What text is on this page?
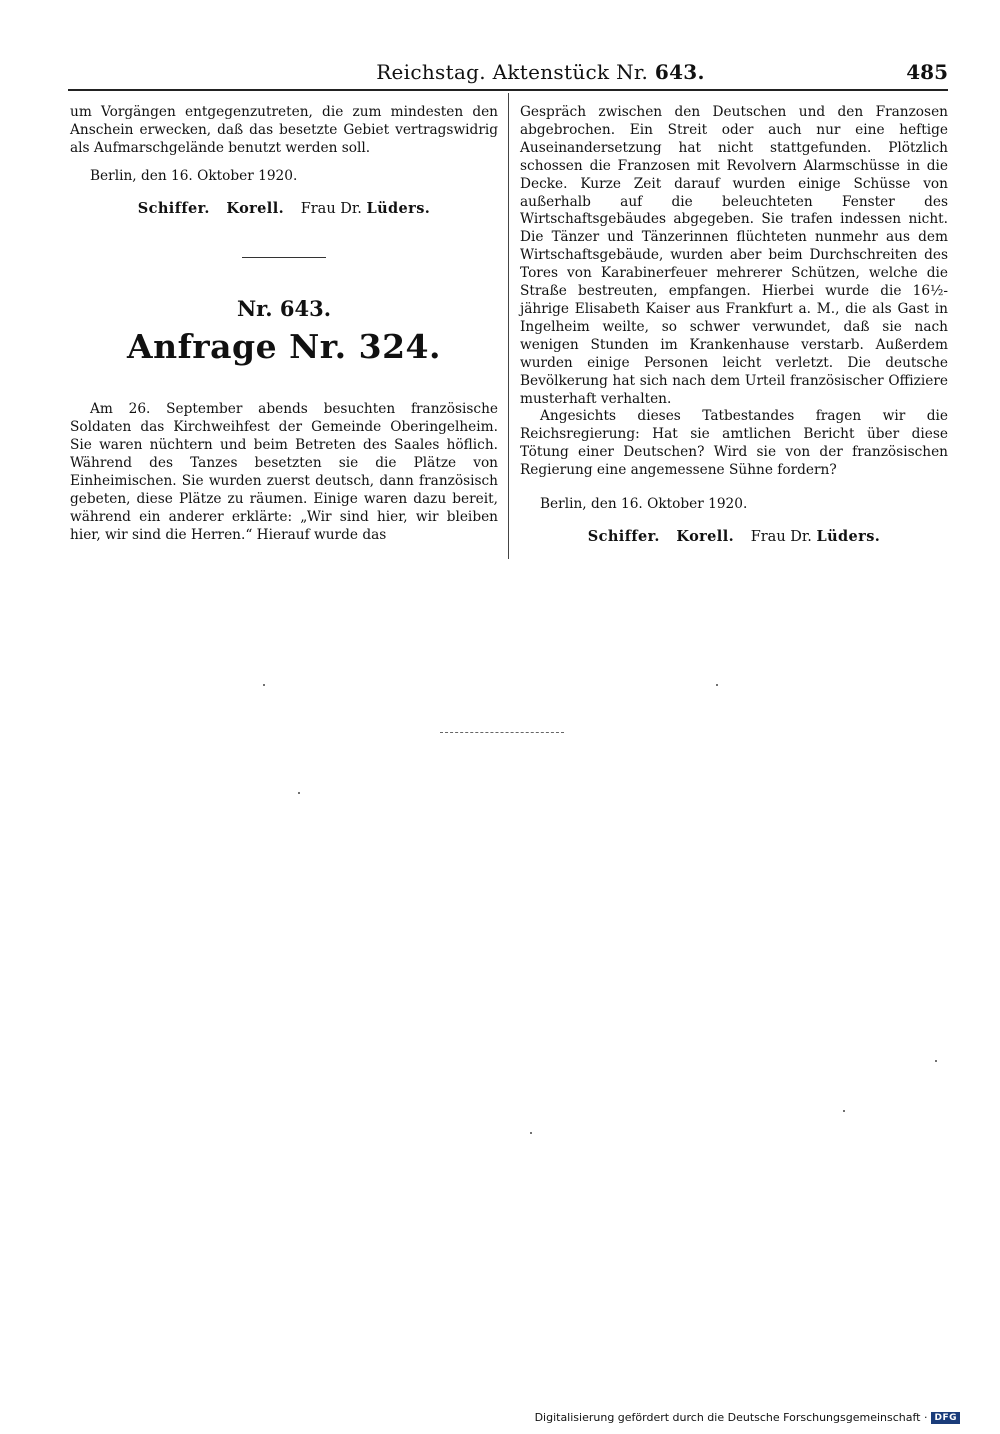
Reichstag. Aktenstück Nr. 643.	485

um Vorgängen entgegenzutreten, die zum mindesten den Anschein erwecken, daß das besetzte Gebiet vertragswidrig als Aufmarschgelände benutzt werden soll.

Berlin, den 16. Oktober 1920.

Schiffer. Korell. Frau Dr. Lüders.
Nr. 643.
Anfrage Nr. 324.

Am 26. September abends besuchten französische Soldaten das Kirchweihfest der Gemeinde Oberingelheim. Sie waren nüchtern und beim Betreten des Saales höflich. Während des Tanzes besetzten sie die Plätze von Einheimischen. Sie wurden zuerst deutsch, dann französisch gebeten, diese Plätze zu räumen. Einige waren dazu bereit, während ein anderer erklärte: „Wir sind hier, wir bleiben hier, wir sind die Herren.“ Hierauf wurde das

Gespräch zwischen den Deutschen und den Franzosen abgebrochen. Ein Streit oder auch nur eine heftige Auseinandersetzung hat nicht stattgefunden. Plötzlich schossen die Franzosen mit Revolvern Alarmschüsse in die Decke. Kurze Zeit darauf wurden einige Schüsse von außerhalb auf die beleuchteten Fenster des Wirtschaftsgebäudes abgegeben. Sie trafen indessen nicht. Die Tänzer und Tänzerinnen flüchteten nunmehr aus dem Wirtschaftsgebäude, wurden aber beim Durchschreiten des Tores von Karabinerfeuer mehrerer Schützen, welche die Straße bestreuten, empfangen. Hierbei wurde die 16½-jährige Elisabeth Kaiser aus Frankfurt a. M., die als Gast in Ingelheim weilte, so schwer verwundet, daß sie nach wenigen Stunden im Krankenhause verstarb. Außerdem wurden einige Personen leicht verletzt. Die deutsche Bevölkerung hat sich nach dem Urteil französischer Offiziere musterhaft verhalten.

Angesichts dieses Tatbestandes fragen wir die Reichsregierung: Hat sie amtlichen Bericht über diese Tötung einer Deutschen? Wird sie von der französischen Regierung eine angemessene Sühne fordern?

Berlin, den 16. Oktober 1920.

Schiffer. Korell. Frau Dr. Lüders.
Digitalisierung gefördert durch die Deutsche Forschungsgemeinschaft · DFG
